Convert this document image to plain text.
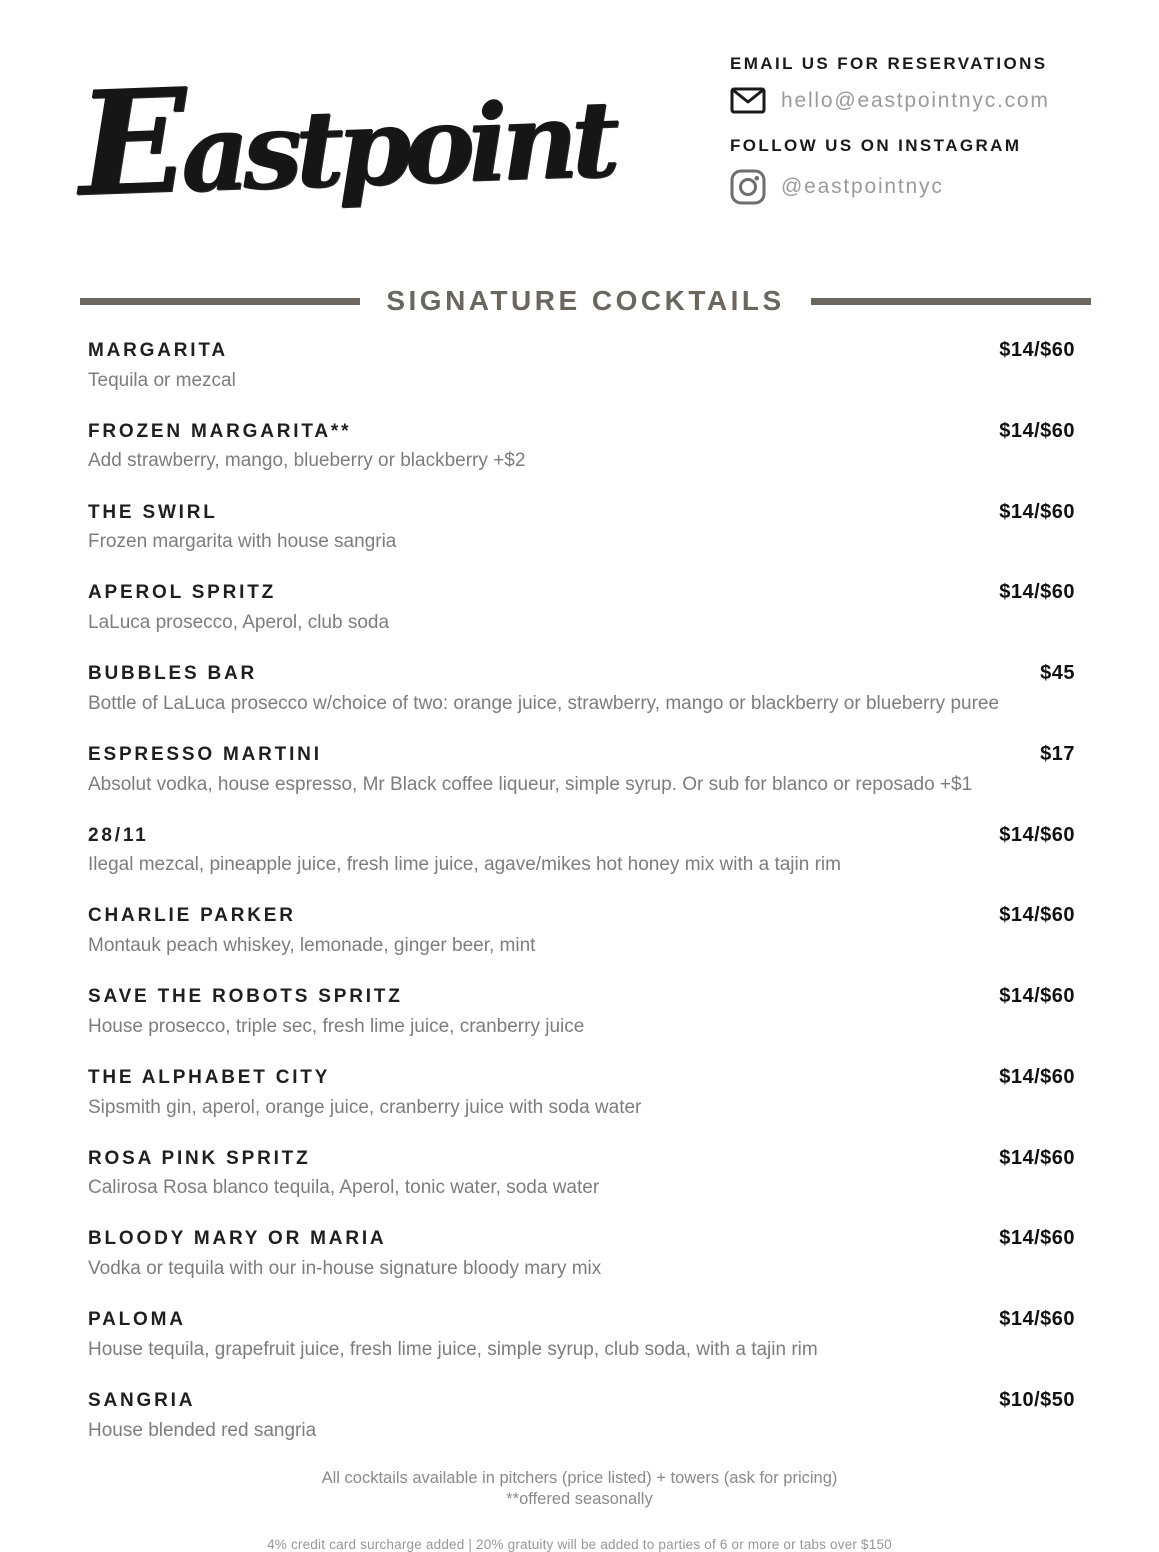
Eastpoint
EMAIL US FOR RESERVATIONS
hello@eastpointnyc.com
FOLLOW US ON INSTAGRAM
@eastpointnyc
SIGNATURE COCKTAILS
MARGARITA	$14/$60
Tequila or mezcal
FROZEN MARGARITA**	$14/$60
Add strawberry, mango, blueberry or blackberry +$2
THE SWIRL	$14/$60
Frozen margarita with house sangria
APEROL SPRITZ	$14/$60
LaLuca prosecco, Aperol, club soda
BUBBLES BAR	$45
Bottle of LaLuca prosecco w/choice of two: orange juice, strawberry, mango or blackberry or blueberry puree
ESPRESSO MARTINI	$17
Absolut vodka, house espresso, Mr Black coffee liqueur, simple syrup. Or sub for blanco or reposado +$1
28/11	$14/$60
Ilegal mezcal, pineapple juice, fresh lime juice, agave/mikes hot honey mix with a tajin rim
CHARLIE PARKER	$14/$60
Montauk peach whiskey, lemonade, ginger beer, mint
SAVE THE ROBOTS SPRITZ	$14/$60
House prosecco, triple sec, fresh lime juice, cranberry juice
THE ALPHABET CITY	$14/$60
Sipsmith gin, aperol, orange juice, cranberry juice with soda water
ROSA PINK SPRITZ	$14/$60
Calirosa Rosa blanco tequila, Aperol, tonic water, soda water
BLOODY MARY OR MARIA	$14/$60
Vodka or tequila with our in-house signature bloody mary mix
PALOMA	$14/$60
House tequila, grapefruit juice, fresh lime juice, simple syrup, club soda, with a tajin rim
SANGRIA	$10/$50
House blended red sangria
All cocktails available in pitchers (price listed) + towers (ask for pricing)
**offered seasonally
4% credit card surcharge added | 20% gratuity will be added to parties of 6 or more or tabs over $150
